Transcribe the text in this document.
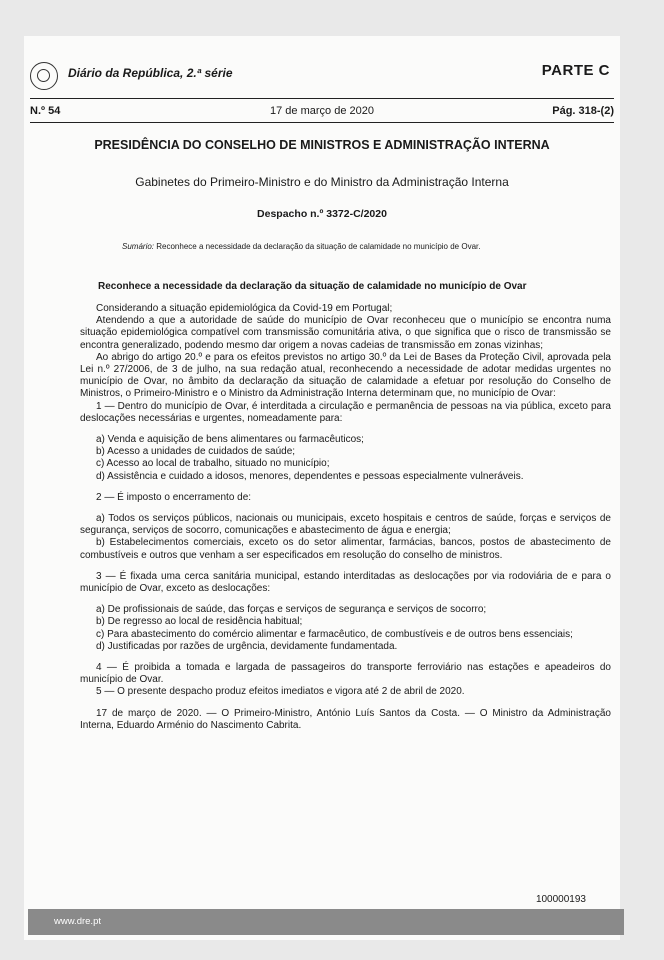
Diário da República, 2.ª série	PARTE C
N.º 54	17 de março de 2020	Pág. 318-(2)
PRESIDÊNCIA DO CONSELHO DE MINISTROS E ADMINISTRAÇÃO INTERNA
Gabinetes do Primeiro-Ministro e do Ministro da Administração Interna
Despacho n.º 3372-C/2020
Sumário: Reconhece a necessidade da declaração da situação de calamidade no município de Ovar.
Reconhece a necessidade da declaração da situação de calamidade no município de Ovar

Considerando a situação epidemiológica da Covid-19 em Portugal;

Atendendo a que a autoridade de saúde do município de Ovar reconheceu que o município se encontra numa situação epidemiológica compatível com transmissão comunitária ativa, o que significa que o risco de transmissão se encontra generalizado, podendo mesmo dar origem a novas cadeias de transmissão em zonas vizinhas;

Ao abrigo do artigo 20.º e para os efeitos previstos no artigo 30.º da Lei de Bases da Proteção Civil, aprovada pela Lei n.º 27/2006, de 3 de julho, na sua redação atual, reconhecendo a necessidade de adotar medidas urgentes no município de Ovar, no âmbito da declaração da situação de calamidade a efetuar por resolução do Conselho de Ministros, o Primeiro-Ministro e o Ministro da Administração Interna determinam que, no município de Ovar:

1 — Dentro do município de Ovar, é interditada a circulação e permanência de pessoas na via pública, exceto para deslocações necessárias e urgentes, nomeadamente para:

a) Venda e aquisição de bens alimentares ou farmacêuticos;

b) Acesso a unidades de cuidados de saúde;

c) Acesso ao local de trabalho, situado no município;

d) Assistência e cuidado a idosos, menores, dependentes e pessoas especialmente vulneráveis.

2 — É imposto o encerramento de:

a) Todos os serviços públicos, nacionais ou municipais, exceto hospitais e centros de saúde, forças e serviços de segurança, serviços de socorro, comunicações e abastecimento de água e energia;

b) Estabelecimentos comerciais, exceto os do setor alimentar, farmácias, bancos, postos de abastecimento de combustíveis e outros que venham a ser especificados em resolução do conselho de ministros.

3 — É fixada uma cerca sanitária municipal, estando interditadas as deslocações por via rodoviária de e para o município de Ovar, exceto as deslocações:

a) De profissionais de saúde, das forças e serviços de segurança e serviços de socorro;

b) De regresso ao local de residência habitual;

c) Para abastecimento do comércio alimentar e farmacêutico, de combustíveis e de outros bens essenciais;

d) Justificadas por razões de urgência, devidamente fundamentada.

4 — É proibida a tomada e largada de passageiros do transporte ferroviário nas estações e apeadeiros do município de Ovar.

5 — O presente despacho produz efeitos imediatos e vigora até 2 de abril de 2020.

17 de março de 2020. — O Primeiro-Ministro, António Luís Santos da Costa. — O Ministro da Administração Interna, Eduardo Arménio do Nascimento Cabrita.

100000193
www.dre.pt
